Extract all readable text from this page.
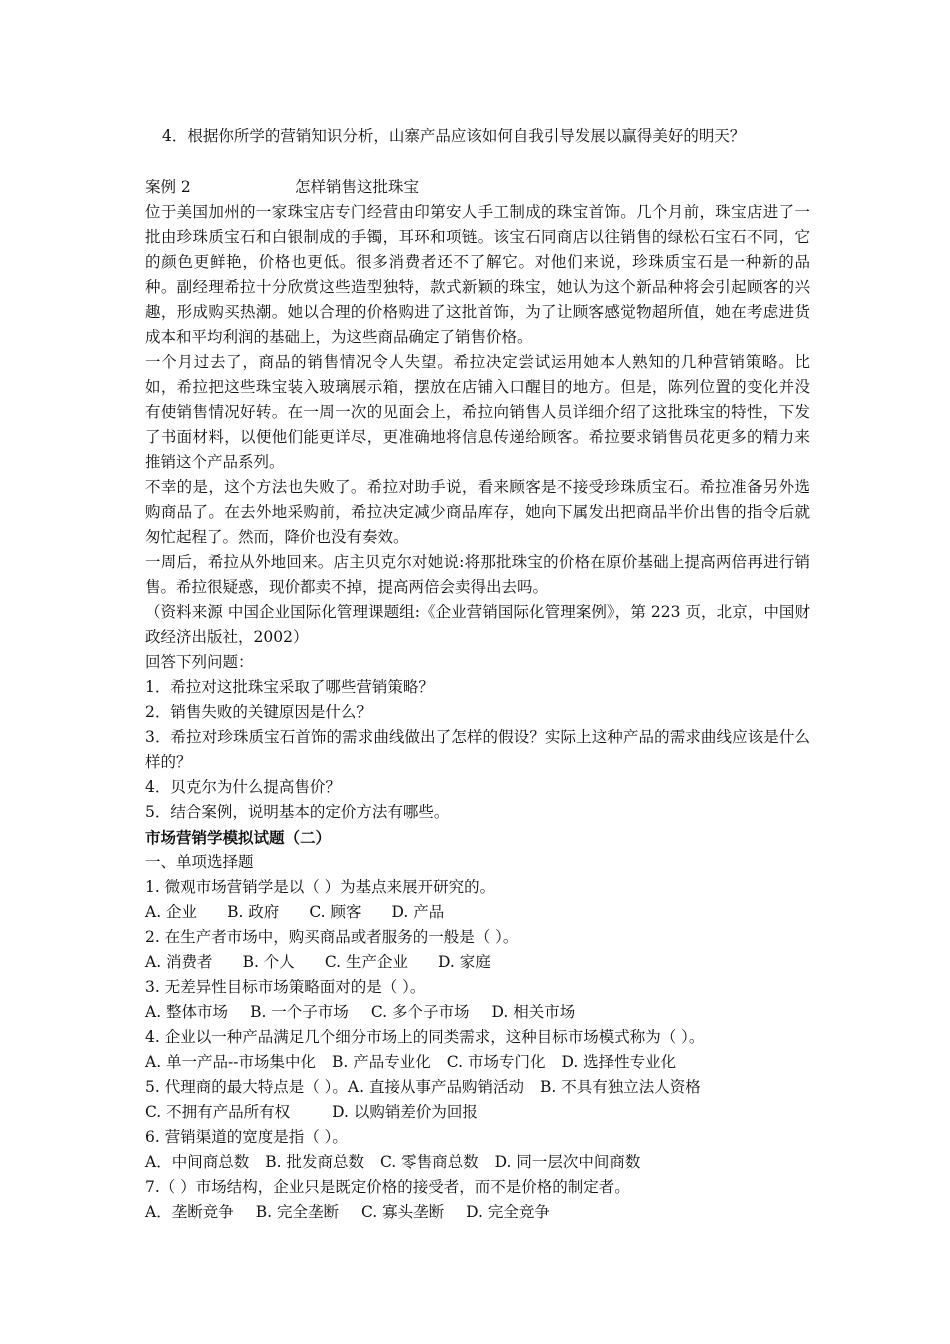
4．根据你所学的营销知识分析，山寨产品应该如何自我引导发展以赢得美好的明天？
案例 2	怎样销售这批珠宝
位于美国加州的一家珠宝店专门经营由印第安人手工制成的珠宝首饰。几个月前，珠宝店进了一批由珍珠质宝石和白银制成的手镯，耳环和项链。该宝石同商店以往销售的绿松石宝石不同，它的颜色更鲜艳，价格也更低。很多消费者还不了解它。对他们来说，珍珠质宝石是一种新的品种。副经理希拉十分欣赏这些造型独特，款式新颖的珠宝，她认为这个新品种将会引起顾客的兴趣，形成购买热潮。她以合理的价格购进了这批首饰，为了让顾客感觉物超所值，她在考虑进货成本和平均利润的基础上，为这些商品确定了销售价格。
一个月过去了，商品的销售情况令人失望。希拉决定尝试运用她本人熟知的几种营销策略。比如，希拉把这些珠宝装入玻璃展示箱，摆放在店铺入口醒目的地方。但是，陈列位置的变化并没有使销售情况好转。在一周一次的见面会上，希拉向销售人员详细介绍了这批珠宝的特性，下发了书面材料，以便他们能更详尽，更准确地将信息传递给顾客。希拉要求销售员花更多的精力来推销这个产品系列。
不幸的是，这个方法也失败了。希拉对助手说，看来顾客是不接受珍珠质宝石。希拉准备另外选购商品了。在去外地采购前，希拉决定减少商品库存，她向下属发出把商品半价出售的指令后就匆忙起程了。然而，降价也没有奏效。
一周后，希拉从外地回来。店主贝克尔对她说:将那批珠宝的价格在原价基础上提高两倍再进行销售。希拉很疑惑，现价都卖不掉，提高两倍会卖得出去吗。
（资料来源 中国企业国际化管理课题组:《企业营销国际化管理案例》，第 223 页，北京，中国财政经济出版社，2002）
回答下列问题：
1．希拉对这批珠宝采取了哪些营销策略？
2．销售失败的关键原因是什么？
3．希拉对珍珠质宝石首饰的需求曲线做出了怎样的假设？实际上这种产品的需求曲线应该是什么样的？
4．贝克尔为什么提高售价？
5．结合案例，说明基本的定价方法有哪些。
市场营销学模拟试题（二）
一、单项选择题
1. 微观市场营销学是以（ ）为基点来展开研究的。
A. 企业 B. 政府 C. 顾客 D. 产品
2. 在生产者市场中，购买商品或者服务的一般是（ ）。
A. 消费者 B. 个人 C. 生产企业 D. 家庭
3. 无差异性目标市场策略面对的是（ ）。
A. 整体市场 B. 一个子市场 C. 多个子市场 D. 相关市场
4. 企业以一种产品满足几个细分市场上的同类需求，这种目标市场模式称为（ ）。
A. 单一产品--市场集中化 B. 产品专业化 C. 市场专门化 D. 选择性专业化
5. 代理商的最大特点是（ ）。A. 直接从事产品购销活动 B. 不具有独立法人资格
C. 不拥有产品所有权	D. 以购销差价为回报
6. 营销渠道的宽度是指（ ）。
A．中间商总数 B. 批发商总数 C. 零售商总数 D. 同一层次中间商数
7.（ ）市场结构，企业只是既定价格的接受者，而不是价格的制定者。
A．垄断竞争 B. 完全垄断 C. 寡头垄断 D. 完全竞争
